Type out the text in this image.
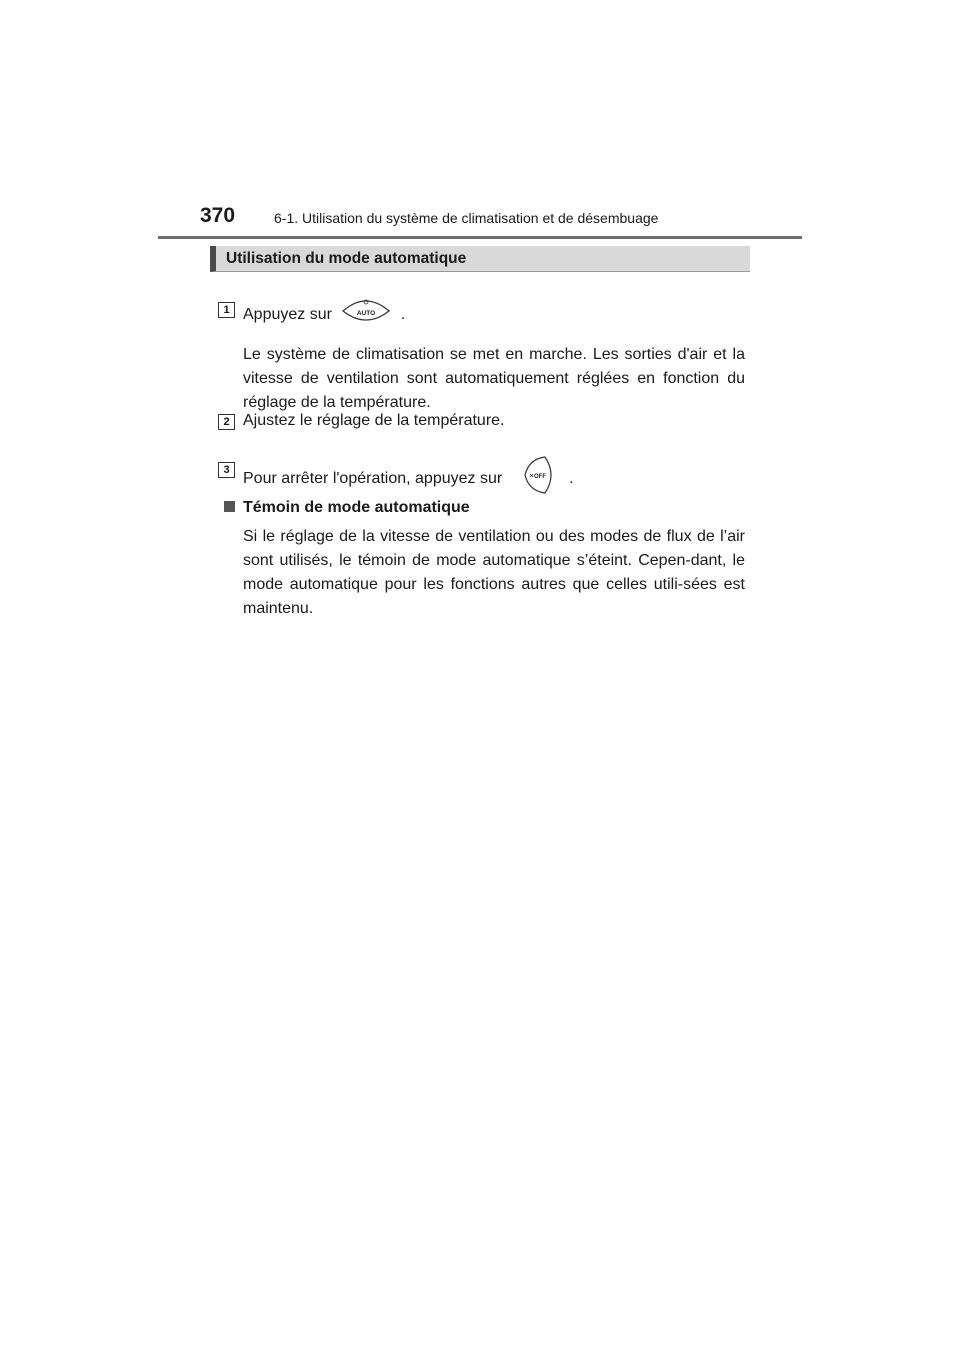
370	6-1. Utilisation du système de climatisation et de désembuage
Utilisation du mode automatique
1 Appuyez sur	AUTO .
Le système de climatisation se met en marche. Les sorties d'air et la vitesse de ventilation sont automatiquement réglées en fonction du réglage de la température.
2 Ajustez le réglage de la température.
3
Pour arrêter l'opération, appuyez sur	OFF .
Témoin de mode automatique
Si le réglage de la vitesse de ventilation ou des modes de flux de l’air sont utilisés, le témoin de mode automatique s’éteint. Cepen-dant, le mode automatique pour les fonctions autres que celles utili-sées est maintenu.
